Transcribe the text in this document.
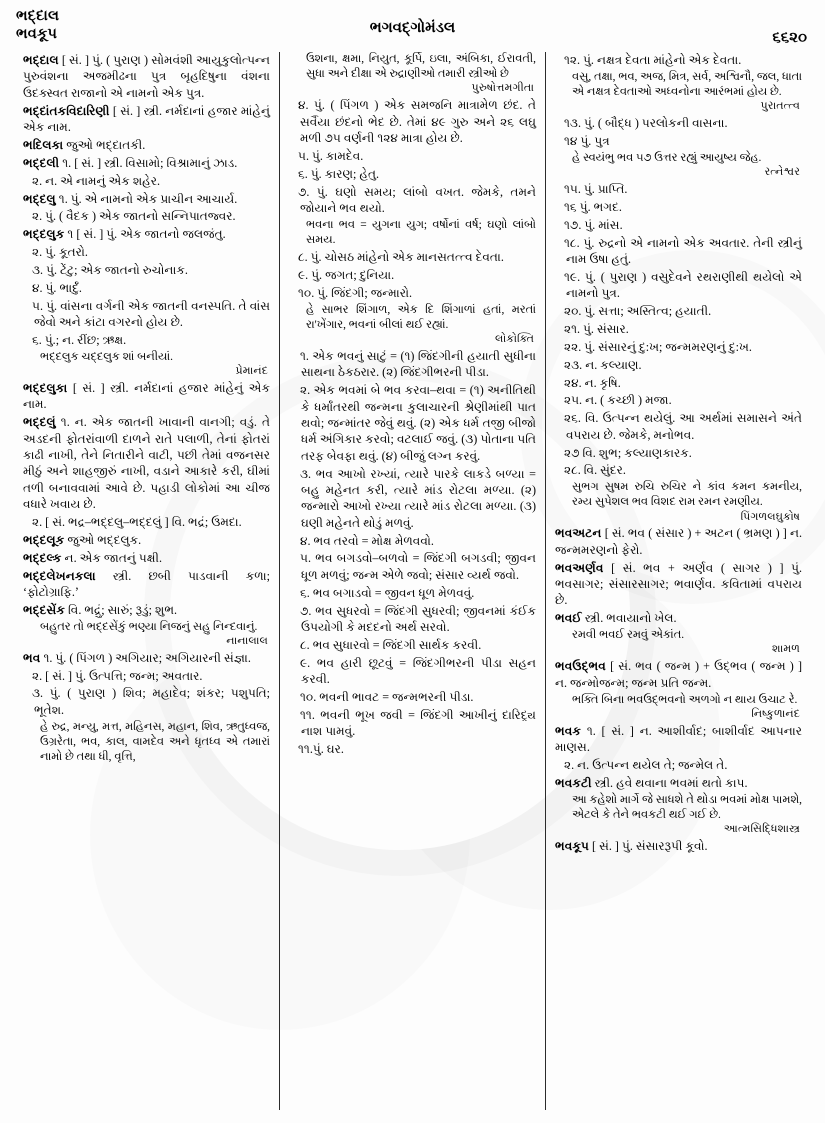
ભદ્દાલ
ભવકૂપ	ભગવદ્ગોમંડલ
૬૬૨૦

ભદ્દાલ [ સં. ] પું. ( પુરાણ ) સોમવંશી આયુકુલોત્પન્ન પુરુવંશના અજમીઢના પુત્ર બૃહદિષુના વંશના ઉદક્સ્વત રાજાનો એ નામનો એક પુત્ર.

ભદ્દાંતકવિદારિણી [ સં. ] સ્ત્રી. નર્મદાનાં હજાર માંહેનું એક નામ.

ભદિલકા જુઓ ભદ્દાતકી.

ભદ્દલી ૧. [ સં. ] સ્ત્રી. વિસામો; વિશ્રામાનું ઝાડ.

૨. ન. એ નામનું એક શહેર.

ભદ્દલુ ૧. પું. એ નામનો એક પ્રાચીન આચાર્ય.

૨. પું. ( વૈદક ) એક જાતનો સન્નિપાતજ્વર.

ભદ્દલુક ૧ [ સં. ] પું. એક જાતનો જલજંતુ.

૨. પું. કૂતરો.

૩. પું. ટેંટુ; એક જાતનો રુચોનાક.

૪. પું. ભાર્દું.

૫. પું. વાંસના વર્ગની એક જાતની વનસ્પતિ. તે વાંસ જેવો અને કાંટા વગરનો હોય છે.

૬. પું.; ન. રીંછ; ઋક્ષ.

ભદ્દલુક ચદ્દલુક શાં બનીયાં.
પ્રેમાનંદ

ભદ્દલુકા [ સં. ] સ્ત્રી. નર્મદાનાં હજાર માંહેનું એક નામ.

ભદ્દલું ૧. ન. એક જાતની ખાવાની વાનગી; વડું. તે અડદની ફોતરાંવાળી દાળને રાતે પલાળી, તેનાં ફોતરાં કાઢી નાખી, તેને નિતારીને વાટી, પછી તેમાં વજનસર મીઠું અને શાહજીરું નાખી, વડાને આકારે કરી, ઘીમાં તળી બનાવવામાં આવે છે. પહાડી લોકોમાં આ ચીજ વધારે ખવાય છે.

૨. [ સં. ભદ્ર–ભદ્દલુ–ભદ્દલું ] વિ. ભદ્રં; ઉમદા.

ભદ્દલૂક જુઓ ભદ્દલુક.

ભદ્દલ્ક ન. એક જાતનું પક્ષી.

ભદ્દલેખનકલા સ્ત્રી. છબી પાડવાની કળા; ‘ફોટોગ્રાફિ.’

ભદ્દસેંક વિ. ભદ્રું; સારું; રૂડું; શુભ.

બહુતર તો ભદ્દસેંકું ભણ્યા નિજનું સહુ નિન્દવાનું.
નાનાલાલ

ભવ ૧. પું. ( પિંગળ ) અગિયાર; અગિયારની સંજ્ઞા.

૨. [ સં. ] પું. ઉત્પત્તિ; જન્મ; અવતાર.

૩. પું. ( પુરાણ ) શિવ; મહાદેવ; શંકર; પશુપતિ; ભૂતેશ.

હે રુદ્ર, મન્યુ, મત્ત, મહિનસ, મહાન, શિવ, ઋતુધ્વજ, ઉગ્રરેતા, ભવ, કાલ, વામદેવ અને ધૃતધ્વ એ તમારાં નામો છે તથા ધી, વૃત્તિ,

ઉશના, ક્ષમા, નિયુત, કૂર્પિ, ઇલા, અંબિકા, ઈરાવતી, સુધા અને દીક્ષા એ રુદ્રાણીઓ તમારી સ્ત્રીઓ છે
પુરુષોત્તમગીતા

૪. પું. ( પિંગળ ) એક સમજનિ માત્રામેળ છંદ. તે સર્વૈયા છંદનો ભેદ છે. તેમાં ૪૯ ગુરુ અને ૨૬ લઘુ મળી ૭૫ વર્ણની ૧૨૪ માત્રા હોય છે.

૫. પું. કામદેવ.

૬. પું. કારણ; હેતુ.

૭. પું. ઘણો સમય; લાંબો વખત. જેમકે, તમને જોયાને ભવ થયો.

ભવના ભવ = યુગના યુગ; વર્ષોનાં વર્ષ; ઘણો લાંબો સમય.

૮. પું. ચોસઠ માંહેનો એક માનસતત્ત્વ દેવતા.

૯. પું. જગત; દુનિયા.

૧૦. પું. જિંદગી; જન્મારો.

હે સાભર શિંગાળ, એક દિ શિંગાળાં હતાં, મરતાં રા'ખેંગાર, ભવનાં બીલાં થઈ રહ્યાં.
લોકોક્તિ

૧. એક ભવનું સાટું = (૧) જિંદગીની હયાતી સુધીના સાથના ઠેકઠરાર. (૨) જિંદગીભરની પીડા.

૨. એક ભવમાં બે ભવ કરવા–થવા = (૧) અનીતિથી કે ધર્માંતરથી જન્મના કુલાચારની શ્રેણીમાંથી પાત થવો; જન્માંતર જેવું થવું. (૨) એક ધર્મ તજી બીજો ધર્મ અંગિકાર કરવો; વટલાઈ જવું. (૩) પોતાના પતિ તરફ બેવફા થવું. (૪) બીજું લગ્ન કરવું.

૩. ભવ આખો રખ્યાં, ત્યારે પારકે લાકડે બળ્યા = બહુ મહેનત કરી, ત્યારે માંડ રોટલા મળ્યા. (૨) જન્મારો આખો રખ્યા ત્યારે માંડ રોટલા મળ્યા. (૩) ઘણી મહેનતે થોડું મળવું.

૪. ભવ તરવો = મોક્ષ મેળવવો.

૫. ભવ બગડવો–બળવો = જિંદગી બગડવી; જીવન ધૂળ મળવું; જન્મ એળે જવો; સંસાર વ્યર્થ જવો.

૬. ભવ બગાડવો = જીવન ધૂળ મેળવવું.

૭. ભવ સુધરવો = જિંદગી સુધરવી; જીવનમાં કંઈક ઉપયોગી કે મદદનો અર્થ સરવો.

૮. ભવ સુધારવો = જિંદગી સાર્થક કરવી.

૯. ભવ હારી છૂટવું = જિંદગીભરની પીડા સહન કરવી.

૧૦. ભવની ભાવટ = જન્મભરની પીડા.

૧૧. ભવની ભૂખ જવી = જિંદગી આખીનું દારિદ્ર્ય નાશ પામવું.

૧૧.પું. ઘર.

૧૨. પું. નક્ષત્ર દેવતા માંહેનો એક દેવતા.

વસુ, તક્ષા, ભવ, અજ, મિત્ર, સર્વ, અશ્વિનૌ, જલ, ધાતા એ નક્ષત્ર દેવતાઓ અધ્વનોના આરંભમાં હોય છે.
પુરાતત્ત્વ

૧૩. પું. ( બૌદ્ધ ) પરલોકની વાસના.

૧૪ પું. પુત્ર

હે સ્વયંભુ ભવ ૫૭ ઉત્તર રહ્યું આયુષ્ય જેહ.
રત્નેશ્વર

૧૫. પું. પ્રાપ્તિ.

૧૬ પું. ભગદ.

૧૭. પું. માંસ.

૧૮. પું. રુદ્રનો એ નામનો એક અવતાર. તેની સ્ત્રીનું નામ ઉષા હતું.

૧૯. પું. ( પુરાણ ) વસુદેવને રથરાણીથી થયેલો એ નામનો પુત્ર.

૨૦. પું. સત્તા; અસ્તિત્વ; હયાતી.

૨૧. પું. સંસાર.

૨૨. પું. સંસારનું દુ:ખ; જન્મમરણનું દુ:ખ.

૨૩. ન. કલ્યાણ.

૨૪. ન. કૃષિ.

૨૫. ન. ( કચ્છી ) મજા.

૨૬. વિ. ઉત્પન્ન થયેલું. આ અર્થમાં સમાસને અંતે વપરાય છે. જેમકે, મનોભવ.

૨૭ વિ. શુભ; કલ્યાણકારક.

૨૮. વિ. સુંદર.

સુભગ સુષમ રુચિ રુચિર ને કાંવ કમન કમનીય, રમ્ય સુપેશલ ભવ વિશદ રામ રમન રમણીય.
પિંગળલઘુકોષ

ભવઅટન [ સં. ભવ ( સંસાર ) + અટન ( ભ્રમણ ) ] ન. જન્મમરણનો ફેરો.

ભવઅર્ણવ [ સં. ભવ + અર્ણવ ( સાગર ) ] પું. ભવસાગર; સંસારસાગર; ભવાર્ણવ. કવિતામાં વપરાય છે.

ભવઈ સ્ત્રી. ભવાયાનો ખેલ.

રમવી ભવઈ રમવું એકાંત.
શામળ

ભવઉદ્ભવ [ સં. ભવ ( જન્મ ) + ઉદ્ભવ ( જન્મ ) ] ન. જન્મોજન્મ; જન્મ પ્રતિ જન્મ.

ભક્તિ બિના ભવઉદ્ભવનો અળગો ન થાય ઉચાટ રે.
નિષ્કુળાનંદ

ભવક ૧. [ સં. ] ન. આશીર્વાદ; બાશીર્વાદ આપનાર માણસ.

૨. ન. ઉત્પન્ન થયેલ તે; જન્મેલ તે.

ભવકટી સ્ત્રી. હવે થવાના ભવમાં થતો કાપ.

આ કહેશો માર્ગે જે સાધશે તે થોડા ભવમાં મોક્ષ પામશે, એટલે કે તેને ભવકટી થઈ ગઈ છે.
આત્મસિદ્ધિશાસ્ત્ર

ભવકૂપ [ સં. ] પું. સંસારરૂપી કૂવો.
